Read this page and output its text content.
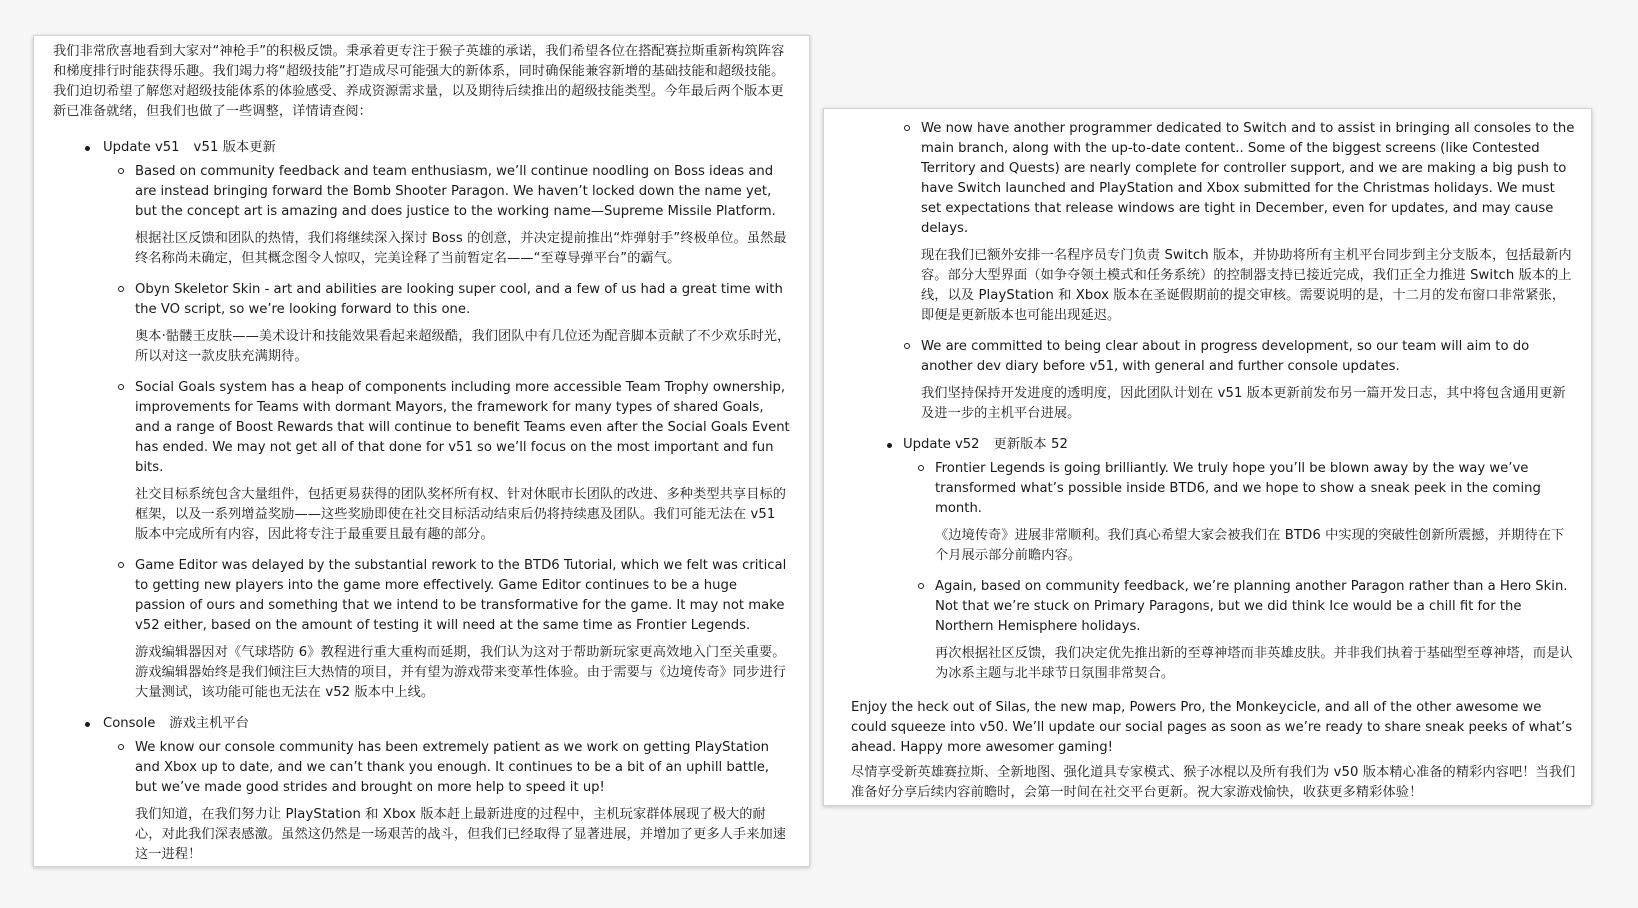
我们非常欣喜地看到大家对“神枪手”的积极反馈。秉承着更专注于猴子英雄的承诺，我们希望各位在搭配赛拉斯重新构筑阵容和梯度排行时能获得乐趣。我们竭力将“超级技能”打造成尽可能强大的新体系，同时确保能兼容新增的基础技能和超级技能。我们迫切希望了解您对超级技能体系的体验感受、养成资源需求量，以及期待后续推出的超级技能类型。今年最后两个版本更新已准备就绪，但我们也做了一些调整，详情请查阅：

Update v51 v51 版本更新

Based on community feedback and team enthusiasm, we’ll continue noodling on Boss ideas and are instead bringing forward the Bomb Shooter Paragon. We haven’t locked down the name yet, but the concept art is amazing and does justice to the working name—Supreme Missile Platform.

根据社区反馈和团队的热情，我们将继续深入探讨 Boss 的创意，并决定提前推出“炸弹射手”终极单位。虽然最终名称尚未确定，但其概念图令人惊叹，完美诠释了当前暂定名——“至尊导弹平台”的霸气。

Obyn Skeletor Skin - art and abilities are looking super cool, and a few of us had a great time with the VO script, so we’re looking forward to this one.

奥本·骷髅王皮肤——美术设计和技能效果看起来超级酷，我们团队中有几位还为配音脚本贡献了不少欢乐时光，所以对这一款皮肤充满期待。

Social Goals system has a heap of components including more accessible Team Trophy ownership, improvements for Teams with dormant Mayors, the framework for many types of shared Goals, and a range of Boost Rewards that will continue to benefit Teams even after the Social Goals Event has ended. We may not get all of that done for v51 so we’ll focus on the most important and fun bits.

社交目标系统包含大量组件，包括更易获得的团队奖杯所有权、针对休眠市长团队的改进、多种类型共享目标的框架，以及一系列增益奖励——这些奖励即使在社交目标活动结束后仍将持续惠及团队。我们可能无法在 v51 版本中完成所有内容，因此将专注于最重要且最有趣的部分。

Game Editor was delayed by the substantial rework to the BTD6 Tutorial, which we felt was critical to getting new players into the game more effectively. Game Editor continues to be a huge passion of ours and something that we intend to be transformative for the game. It may not make v52 either, based on the amount of testing it will need at the same time as Frontier Legends.

游戏编辑器因对《气球塔防 6》教程进行重大重构而延期，我们认为这对于帮助新玩家更高效地入门至关重要。游戏编辑器始终是我们倾注巨大热情的项目，并有望为游戏带来变革性体验。由于需要与《边境传奇》同步进行大量测试，该功能可能也无法在 v52 版本中上线。

Console 游戏主机平台

We know our console community has been extremely patient as we work on getting PlayStation and Xbox up to date, and we can’t thank you enough. It continues to be a bit of an uphill battle, but we’ve made good strides and brought on more help to speed it up!

我们知道，在我们努力让 PlayStation 和 Xbox 版本赶上最新进度的过程中，主机玩家群体展现了极大的耐心，对此我们深表感激。虽然这仍然是一场艰苦的战斗，但我们已经取得了显著进展，并增加了更多人手来加速这一进程！

We now have another programmer dedicated to Switch and to assist in bringing all consoles to the main branch, along with the up-to-date content.. Some of the biggest screens (like Contested Territory and Quests) are nearly complete for controller support, and we are making a big push to have Switch launched and PlayStation and Xbox submitted for the Christmas holidays. We must set expectations that release windows are tight in December, even for updates, and may cause delays.

现在我们已额外安排一名程序员专门负责 Switch 版本，并协助将所有主机平台同步到主分支版本，包括最新内容。部分大型界面（如争夺领土模式和任务系统）的控制器支持已接近完成，我们正全力推进 Switch 版本的上线，以及 PlayStation 和 Xbox 版本在圣诞假期前的提交审核。需要说明的是，十二月的发布窗口非常紧张，即便是更新版本也可能出现延迟。

We are committed to being clear about in progress development, so our team will aim to do another dev diary before v51, with general and further console updates.

我们坚持保持开发进度的透明度，因此团队计划在 v51 版本更新前发布另一篇开发日志，其中将包含通用更新及进一步的主机平台进展。

Update v52 更新版本 52

Frontier Legends is going brilliantly. We truly hope you’ll be blown away by the way we’ve transformed what’s possible inside BTD6, and we hope to show a sneak peek in the coming month.

《边境传奇》进展非常顺利。我们真心希望大家会被我们在 BTD6 中实现的突破性创新所震撼，并期待在下个月展示部分前瞻内容。

Again, based on community feedback, we’re planning another Paragon rather than a Hero Skin. Not that we’re stuck on Primary Paragons, but we did think Ice would be a chill fit for the Northern Hemisphere holidays.

再次根据社区反馈，我们决定优先推出新的至尊神塔而非英雄皮肤。并非我们执着于基础型至尊神塔，而是认为冰系主题与北半球节日氛围非常契合。

Enjoy the heck out of Silas, the new map, Powers Pro, the Monkeycicle, and all of the other awesome we could squeeze into v50. We’ll update our social pages as soon as we’re ready to share sneak peeks of what’s ahead. Happy more awesomer gaming!

尽情享受新英雄赛拉斯、全新地图、强化道具专家模式、猴子冰棍以及所有我们为 v50 版本精心准备的精彩内容吧！当我们准备好分享后续内容前瞻时，会第一时间在社交平台更新。祝大家游戏愉快，收获更多精彩体验！
